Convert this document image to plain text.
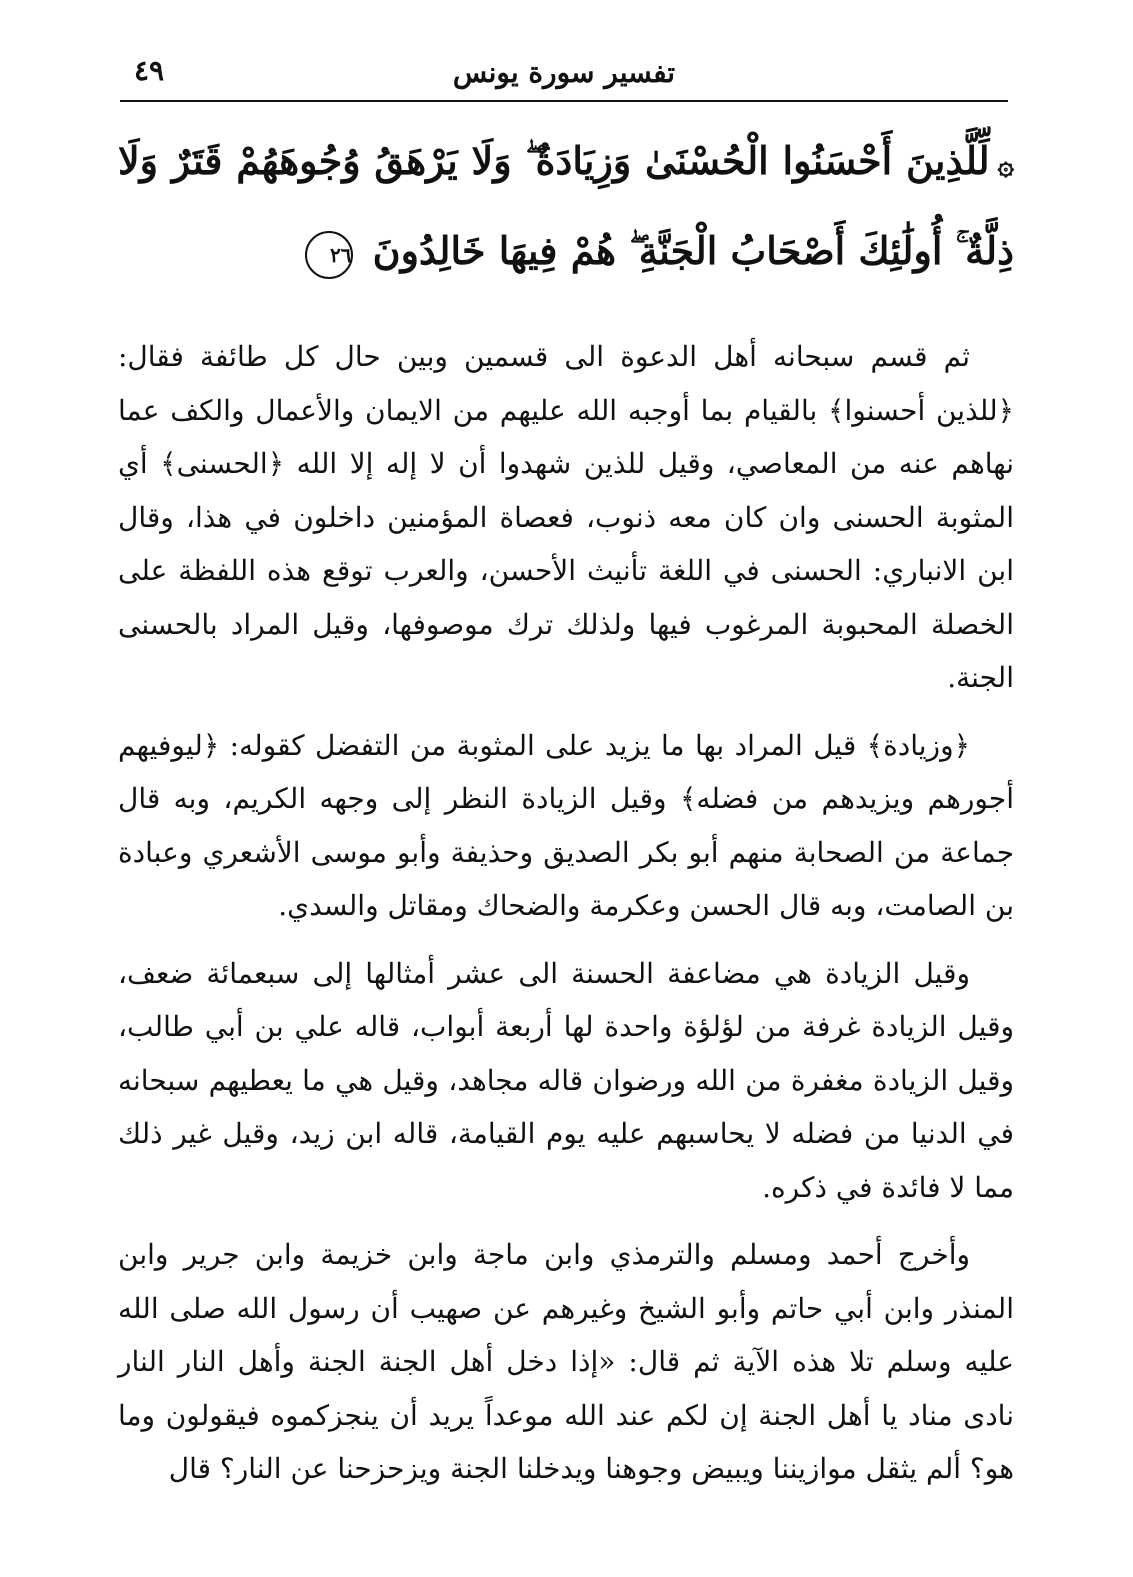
٤٩	تفسير سورة يونس
۞لِّلَّذِينَ أَحْسَنُوا الْحُسْنَىٰ وَزِيَادَةٌ ۖ وَلَا يَرْهَقُ وُجُوهَهُمْ قَتَرٌ وَلَا ذِلَّةٌ ۚ أُولَٰئِكَ أَصْحَابُ الْجَنَّةِ ۖ هُمْ فِيهَا خَالِدُونَ ٢٦

ثم قسم سبحانه أهل الدعوة الى قسمين وبين حال كل طائفة فقال: ﴿للذين أحسنوا﴾ بالقيام بما أوجبه الله عليهم من الايمان والأعمال والكف عما نهاهم عنه من المعاصي، وقيل للذين شهدوا أن لا إله إلا الله ﴿الحسنى﴾ أي المثوبة الحسنى وان كان معه ذنوب، فعصاة المؤمنين داخلون في هذا، وقال ابن الانباري: الحسنى في اللغة تأنيث الأحسن، والعرب توقع هذه اللفظة على الخصلة المحبوبة المرغوب فيها ولذلك ترك موصوفها، وقيل المراد بالحسنى الجنة.

﴿وزيادة﴾ قيل المراد بها ما يزيد على المثوبة من التفضل كقوله: ﴿ليوفيهم أجورهم ويزيدهم من فضله﴾ وقيل الزيادة النظر إلى وجهه الكريم، وبه قال جماعة من الصحابة منهم أبو بكر الصديق وحذيفة وأبو موسى الأشعري وعبادة بن الصامت، وبه قال الحسن وعكرمة والضحاك ومقاتل والسدي.

وقيل الزيادة هي مضاعفة الحسنة الى عشر أمثالها إلى سبعمائة ضعف، وقيل الزيادة غرفة من لؤلؤة واحدة لها أربعة أبواب، قاله علي بن أبي طالب، وقيل الزيادة مغفرة من الله ورضوان قاله مجاهد، وقيل هي ما يعطيهم سبحانه في الدنيا من فضله لا يحاسبهم عليه يوم القيامة، قاله ابن زيد، وقيل غير ذلك مما لا فائدة في ذكره.

وأخرج أحمد ومسلم والترمذي وابن ماجة وابن خزيمة وابن جرير وابن المنذر وابن أبي حاتم وأبو الشيخ وغيرهم عن صهيب أن رسول الله صلى الله عليه وسلم تلا هذه الآية ثم قال: «إذا دخل أهل الجنة الجنة وأهل النار النار نادى مناد يا أهل الجنة إن لكم عند الله موعداً يريد أن ينجزكموه فيقولون وما هو؟ ألم يثقل موازيننا ويبيض وجوهنا ويدخلنا الجنة ويزحزحنا عن النار؟ قال
